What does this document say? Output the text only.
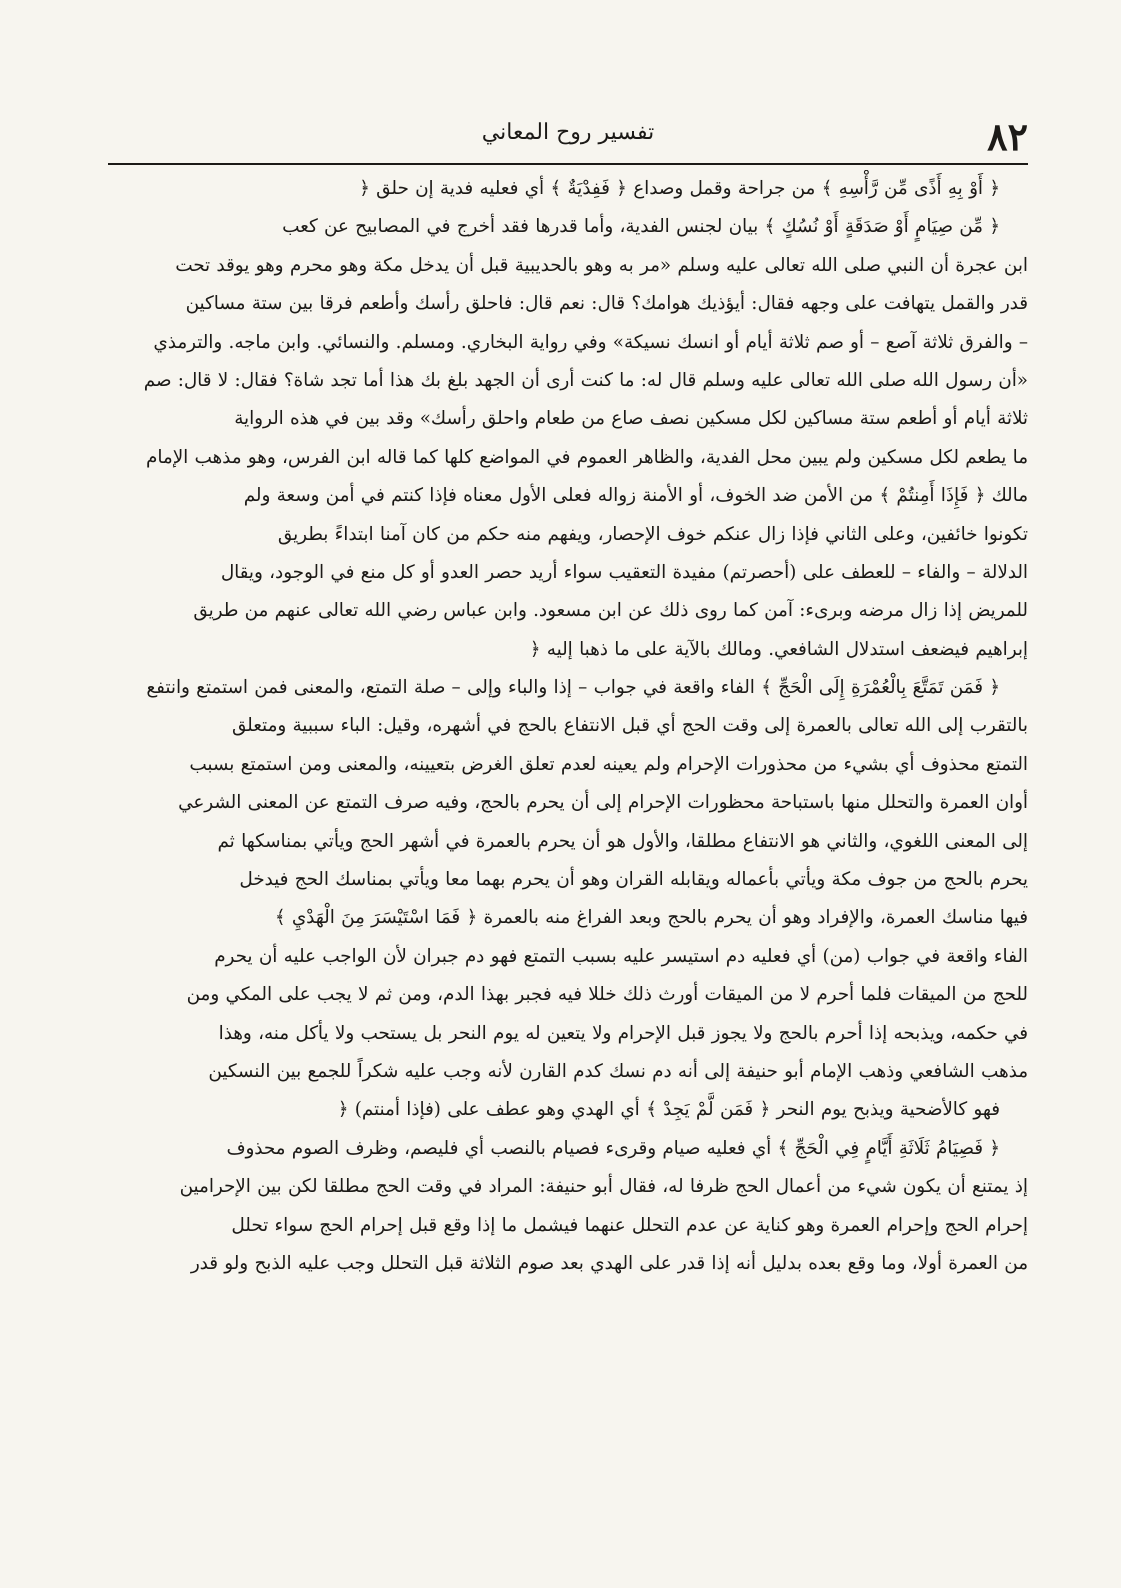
٨٢
تفسير روح المعاني
﴿ أَوْ بِهِ أَذًى مِّن رَّأْسِهِ ﴾ من جراحة وقمل وصداع ﴿ فَفِدْيَةٌ ﴾ أي فعليه فدية إن حلق ﴿
﴿ مِّن صِيَامٍ أَوْ صَدَقَةٍ أَوْ نُسُكٍ ﴾ بيان لجنس الفدية، وأما قدرها فقد أخرج في المصابيح عن كعب
ابن عجرة أن النبي صلى الله تعالى عليه وسلم «مر به وهو بالحديبية قبل أن يدخل مكة وهو محرم وهو يوقد تحت
قدر والقمل يتهافت على وجهه فقال: أيؤذيك هوامك؟ قال: نعم قال: فاحلق رأسك وأطعم فرقا بين ستة مساكين
– والفرق ثلاثة آصع – أو صم ثلاثة أيام أو انسك نسيكة» وفي رواية البخاري. ومسلم. والنسائي. وابن ماجه. والترمذي
«أن رسول الله صلى الله تعالى عليه وسلم قال له: ما كنت أرى أن الجهد بلغ بك هذا أما تجد شاة؟ فقال: لا قال: صم
ثلاثة أيام أو أطعم ستة مساكين لكل مسكين نصف صاع من طعام واحلق رأسك» وقد بين في هذه الرواية
ما يطعم لكل مسكين ولم يبين محل الفدية، والظاهر العموم في المواضع كلها كما قاله ابن الفرس، وهو مذهب الإمام
مالك ﴿ فَإِذَا أَمِنتُمْ ﴾ من الأمن ضد الخوف، أو الأمنة زواله فعلى الأول معناه فإذا كنتم في أمن وسعة ولم
تكونوا خائفين، وعلى الثاني فإذا زال عنكم خوف الإحصار، ويفهم منه حكم من كان آمنا ابتداءً بطريق
الدلالة – والفاء – للعطف على (أحصرتم) مفيدة التعقيب سواء أريد حصر العدو أو كل منع في الوجود، ويقال
للمريض إذا زال مرضه وبرىء: آمن كما روى ذلك عن ابن مسعود. وابن عباس رضي الله تعالى عنهم من طريق
إبراهيم فيضعف استدلال الشافعي. ومالك بالآية على ما ذهبا إليه ﴿
﴿ فَمَن تَمَتَّعَ بِالْعُمْرَةِ إِلَى الْحَجِّ ﴾ الفاء واقعة في جواب – إذا والباء وإلى – صلة التمتع، والمعنى فمن استمتع وانتفع
بالتقرب إلى الله تعالى بالعمرة إلى وقت الحج أي قبل الانتفاع بالحج في أشهره، وقيل: الباء سببية ومتعلق
التمتع محذوف أي بشيء من محذورات الإحرام ولم يعينه لعدم تعلق الغرض بتعيينه، والمعنى ومن استمتع بسبب
أوان العمرة والتحلل منها باستباحة محظورات الإحرام إلى أن يحرم بالحج، وفيه صرف التمتع عن المعنى الشرعي
إلى المعنى اللغوي، والثاني هو الانتفاع مطلقا، والأول هو أن يحرم بالعمرة في أشهر الحج ويأتي بمناسكها ثم
يحرم بالحج من جوف مكة ويأتي بأعماله ويقابله القران وهو أن يحرم بهما معا ويأتي بمناسك الحج فيدخل
فيها مناسك العمرة، والإفراد وهو أن يحرم بالحج وبعد الفراغ منه بالعمرة ﴿ فَمَا اسْتَيْسَرَ مِنَ الْهَدْيِ ﴾
الفاء واقعة في جواب (من) أي فعليه دم استيسر عليه بسبب التمتع فهو دم جبران لأن الواجب عليه أن يحرم
للحج من الميقات فلما أحرم لا من الميقات أورث ذلك خللا فيه فجبر بهذا الدم، ومن ثم لا يجب على المكي ومن
في حكمه، ويذبحه إذا أحرم بالحج ولا يجوز قبل الإحرام ولا يتعين له يوم النحر بل يستحب ولا يأكل منه، وهذا
مذهب الشافعي وذهب الإمام أبو حنيفة إلى أنه دم نسك كدم القارن لأنه وجب عليه شكراً للجمع بين النسكين
فهو كالأضحية ويذبح يوم النحر ﴿ فَمَن لَّمْ يَجِدْ ﴾ أي الهدي وهو عطف على (فإذا أمنتم) ﴿
﴿ فَصِيَامُ ثَلَاثَةِ أَيَّامٍ فِي الْحَجِّ ﴾ أي فعليه صيام وقرىء فصيام بالنصب أي فليصم، وظرف الصوم محذوف
إذ يمتنع أن يكون شيء من أعمال الحج ظرفا له، فقال أبو حنيفة: المراد في وقت الحج مطلقا لكن بين الإحرامين
إحرام الحج وإحرام العمرة وهو كناية عن عدم التحلل عنهما فيشمل ما إذا وقع قبل إحرام الحج سواء تحلل
من العمرة أولا، وما وقع بعده بدليل أنه إذا قدر على الهدي بعد صوم الثلاثة قبل التحلل وجب عليه الذبح ولو قدر
